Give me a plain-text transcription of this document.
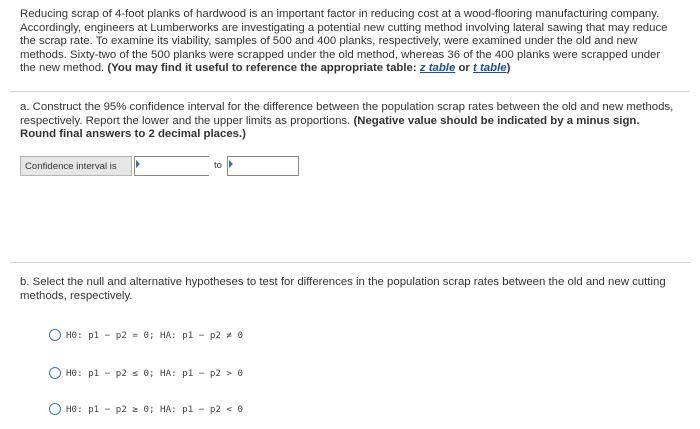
Reducing scrap of 4-foot planks of hardwood is an important factor in reducing cost at a wood-flooring manufacturing company. Accordingly, engineers at Lumberworks are investigating a potential new cutting method involving lateral sawing that may reduce the scrap rate. To examine its viability, samples of 500 and 400 planks, respectively, were examined under the old and new methods. Sixty-two of the 500 planks were scrapped under the old method, whereas 36 of the 400 planks were scrapped under the new method. (You may find it useful to reference the appropriate table: z table or t table)

a. Construct the 95% confidence interval for the difference between the population scrap rates between the old and new methods, respectively. Report the lower and the upper limits as proportions. (Negative value should be indicated by a minus sign. Round final answers to 2 decimal places.)

Confidence interval is	to

b. Select the null and alternative hypotheses to test for differences in the population scrap rates between the old and new cutting methods, respectively.

H0: p1 − p2 = 0; HA: p1 − p2 ≠ 0
H0: p1 − p2 ≤ 0; HA: p1 − p2 > 0
H0: p1 − p2 ≥ 0; HA: p1 − p2 < 0
